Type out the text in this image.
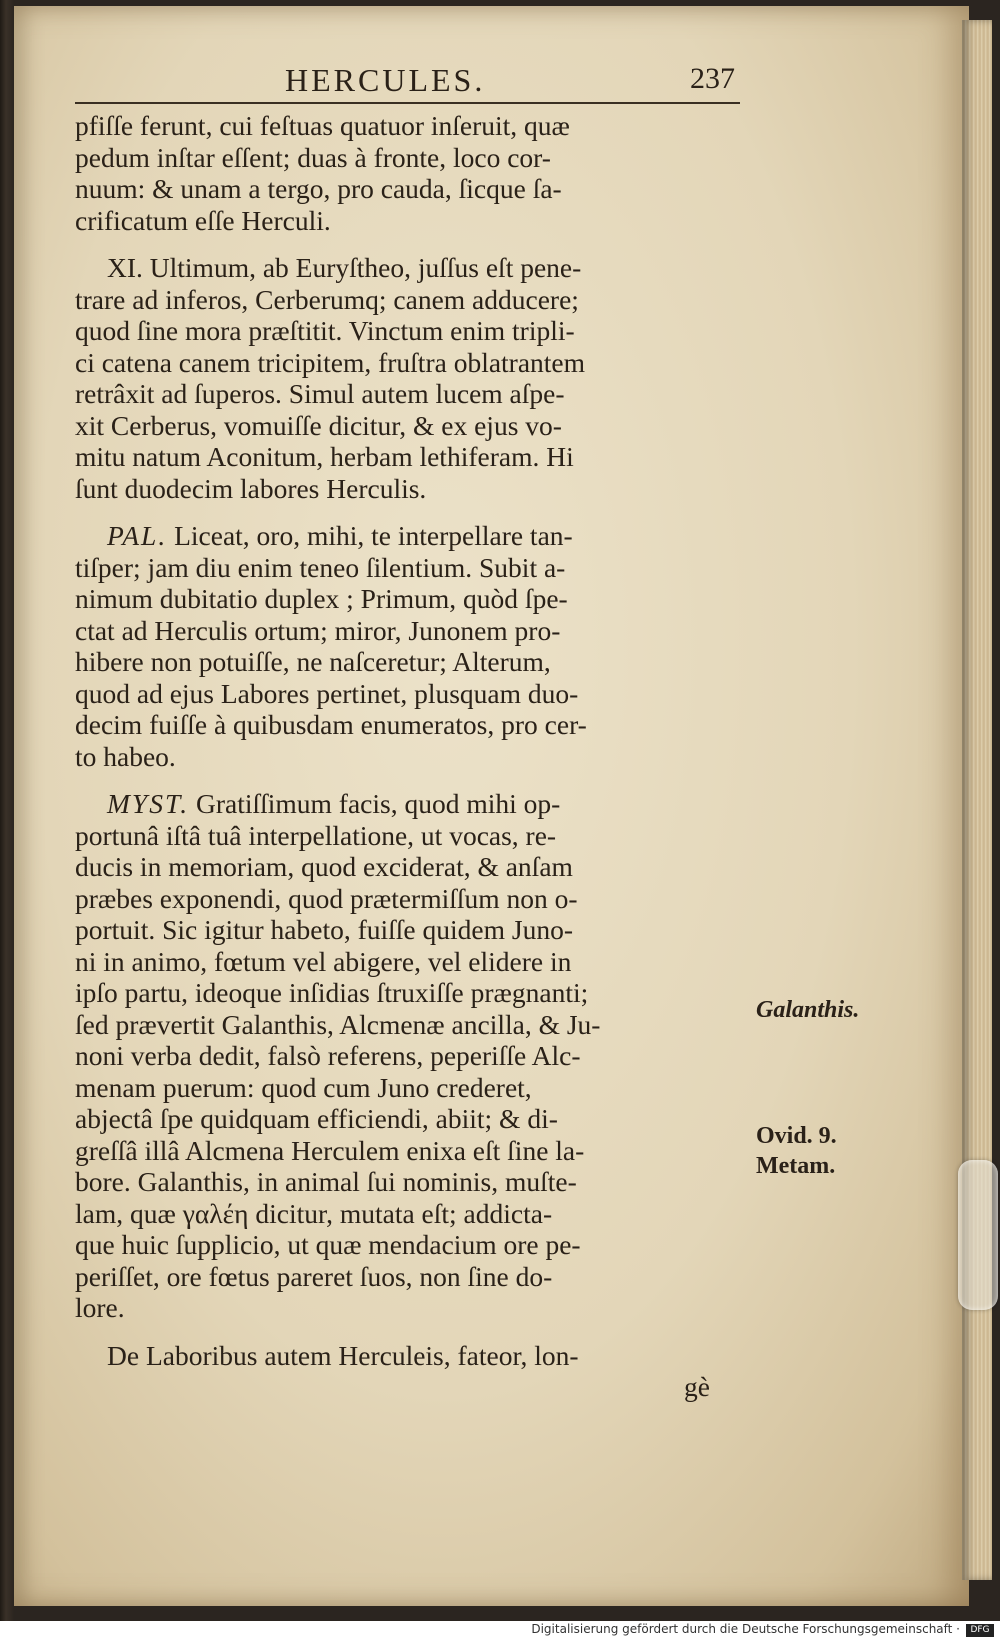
HERCULES.	237
pfiſſe ferunt, cui feſtuas quatuor inſeruit, quæ
pedum inſtar eſſent; duas à fronte, loco cor-
nuum: & unam a tergo, pro cauda, ſicque ſa-
crificatum eſſe Herculi.
XI. Ultimum, ab Euryſtheo, juſſus eſt pene-
trare ad inferos, Cerberumq; canem adducere;
quod ſine mora præſtitit. Vinctum enim tripli-
ci catena canem tricipitem, fruſtra oblatrantem
retrâxit ad ſuperos. Simul autem lucem aſpe-
xit Cerberus, vomuiſſe dicitur, & ex ejus vo-
mitu natum Aconitum, herbam lethiferam. Hi
ſunt duodecim labores Herculis.
PAL. Liceat, oro, mihi, te interpellare tan-
tiſper; jam diu enim teneo ſilentium. Subit a-
nimum dubitatio duplex ; Primum, quòd ſpe-
ctat ad Herculis ortum; miror, Junonem pro-
hibere non potuiſſe, ne naſceretur; Alterum,
quod ad ejus Labores pertinet, plusquam duo-
decim fuiſſe à quibusdam enumeratos, pro cer-
to habeo.
MYST. Gratiſſimum facis, quod mihi op-
portunâ iſtâ tuâ interpellatione, ut vocas, re-
ducis in memoriam, quod exciderat, & anſam
præbes exponendi, quod prætermiſſum non o-
portuit. Sic igitur habeto, fuiſſe quidem Juno-
ni in animo, fœtum vel abigere, vel elidere in
ipſo partu, ideoque inſidias ſtruxiſſe prægnanti;
ſed prævertit Galanthis, Alcmenæ ancilla, & Ju-
noni verba dedit, falsò referens, peperiſſe Alc-
menam puerum: quod cum Juno crederet,
abjectâ ſpe quidquam efficiendi, abiit; & di-
greſſâ illâ Alcmena Herculem enixa eſt ſine la-
bore. Galanthis, in animal ſui nominis, muſte-
lam, quæ γαλέη dicitur, mutata eſt; addictа-
que huic ſupplicio, ut quæ mendacium ore pe-
periſſet, ore fœtus pareret ſuos, non ſine do-
lore.
De Laboribus autem Herculeis, fateor, lon-
gè
Galanthis.
Ovid. 9.
Metam.
Digitalisierung gefördert durch die Deutsche Forschungsgemeinschaft ·	DFG
